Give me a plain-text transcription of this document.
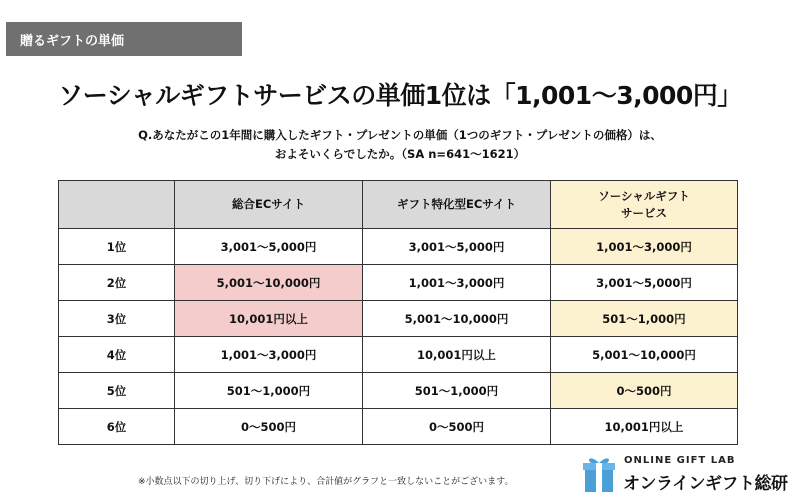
贈るギフトの単価
ソーシャルギフトサービスの単価1位は「1,001～3,000円」
Q.あなたがこの1年間に購入したギフト・プレゼントの単価（1つのギフト・プレゼントの価格）は、
およそいくらでしたか。（SA n=641～1621）

	総合ECサイト	ギフト特化型ECサイト	ソーシャルギフト
サービス

1位	3,001～5,000円	3,001～5,000円	1,001～3,000円
2位	5,001～10,000円	1,001～3,000円	3,001～5,000円
3位	10,001円以上	5,001～10,000円	501～1,000円
4位	1,001～3,000円	10,001円以上	5,001～10,000円
5位	501～1,000円	501～1,000円	0～500円
6位	0～500円	0～500円	10,001円以上
※小数点以下の切り上げ、切り下げにより、合計値がグラフと一致しないことがございます。
ONLINE GIFT LAB
オンラインギフト総研
